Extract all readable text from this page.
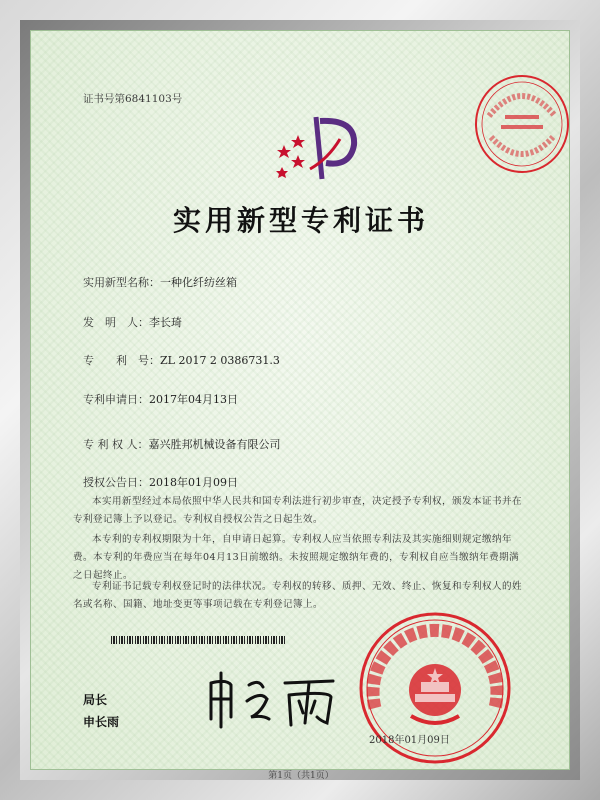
证书号第6841103号
实用新型专利证书
实用新型名称：一种化纤纺丝箱
发　明　人：李长琦
专　　利　号：ZL 2017 2 0386731.3
专利申请日：2017年04月13日
专 利 权 人：嘉兴胜邦机械设备有限公司
授权公告日：2018年01月09日
本实用新型经过本局依照中华人民共和国专利法进行初步审查，决定授予专利权，颁发本证书并在专利登记簿上予以登记。专利权自授权公告之日起生效。
本专利的专利权期限为十年，自申请日起算。专利权人应当依照专利法及其实施细则规定缴纳年费。本专利的年费应当在每年04月13日前缴纳。未按照规定缴纳年费的，专利权自应当缴纳年费期满之日起终止。
专利证书记载专利权登记时的法律状况。专利权的转移、质押、无效、终止、恢复和专利权人的姓名或名称、国籍、地址变更等事项记载在专利登记簿上。
局长
申长雨
2018年01月09日
第1页（共1页）
